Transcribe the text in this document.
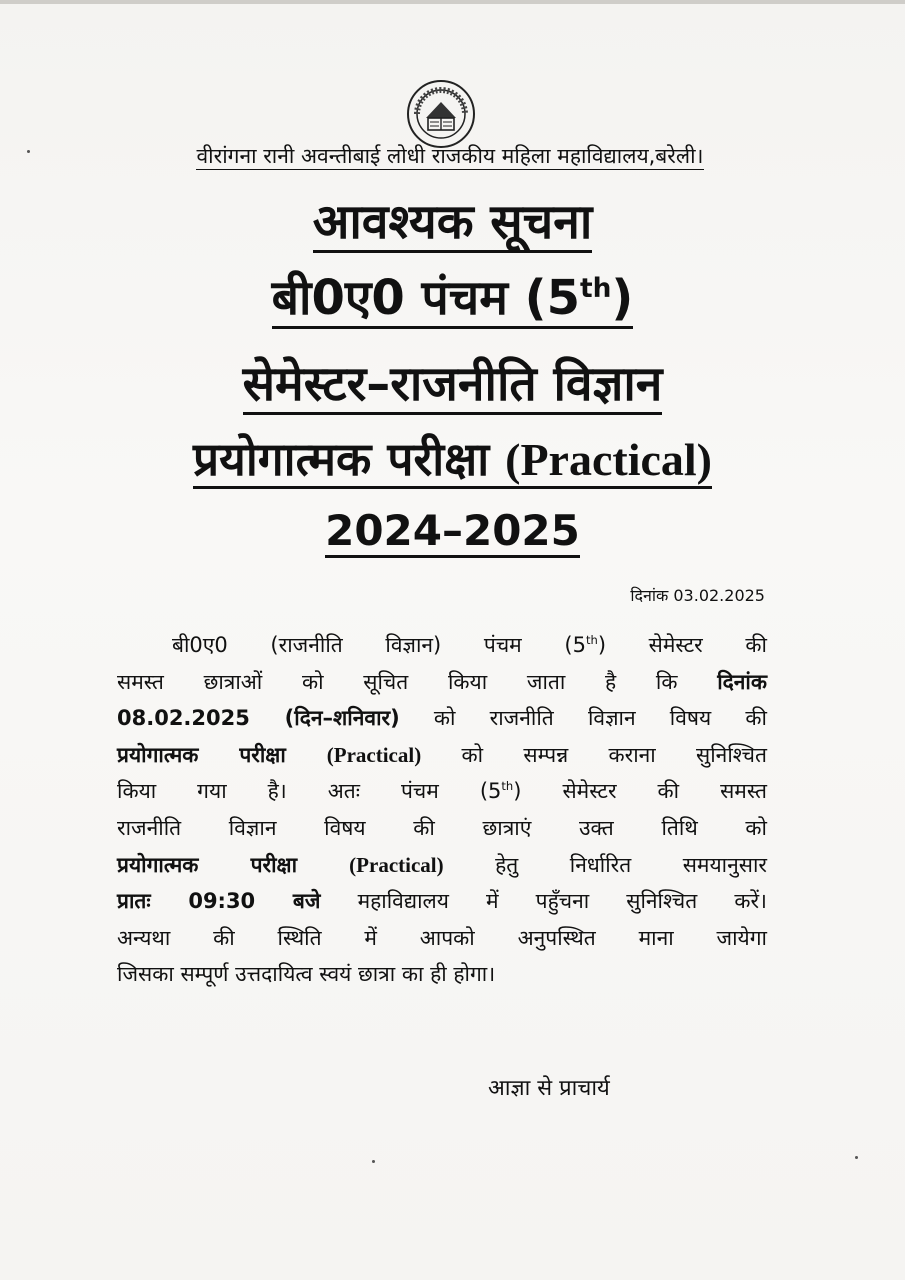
वीरांगना रानी अवन्तीबाई लोधी राजकीय महिला महाविद्यालय,बरेली।
आवश्यक सूचना
बी0ए0 पंचम (5th)
सेमेस्टर–राजनीति विज्ञान
प्रयोगात्मक परीक्षा (Practical)
2024–2025
दिनांक 03.02.2025
बी0ए0 (राजनीति विज्ञान) पंचम (5th) सेमेस्टर की
समस्त छात्राओं को सूचित किया जाता है कि दिनांक
08.02.2025 (दिन–शनिवार) को राजनीति विज्ञान विषय की
प्रयोगात्मक परीक्षा (Practical) को सम्पन्न कराना सुनिश्चित
किया गया है। अतः पंचम (5th) सेमेस्टर की समस्त
राजनीति विज्ञान विषय की छात्राएं उक्त तिथि को
प्रयोगात्मक परीक्षा (Practical) हेतु निर्धारित समयानुसार
प्रातः 09:30 बजे महाविद्यालय में पहुँचना सुनिश्चित करें।
अन्यथा की स्थिति में आपको अनुपस्थित माना जायेगा
जिसका सम्पूर्ण उत्तदायित्व स्वयं छात्रा का ही होगा।
आज्ञा से प्राचार्य
